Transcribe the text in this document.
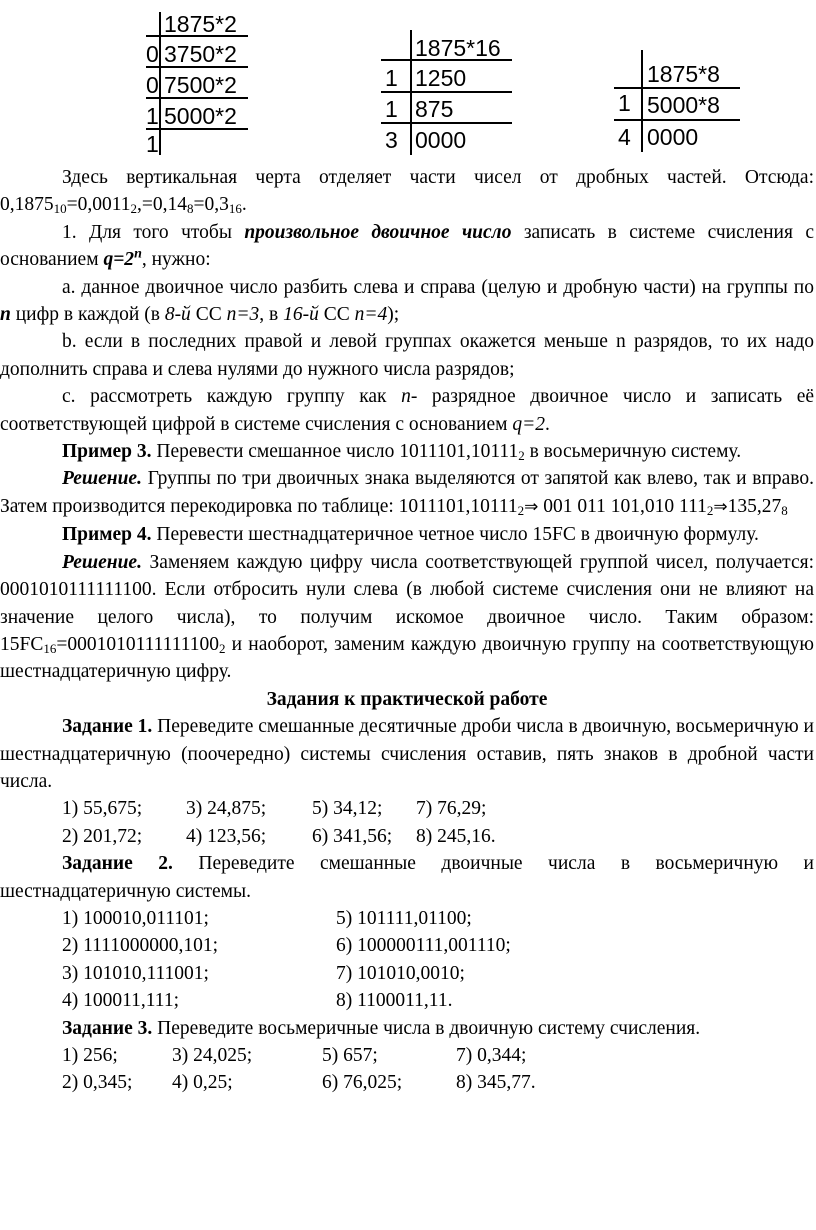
1875*2
0 3750*2
0 7500*2
1 5000*2
1
1875*16
1 1250
1 875
3 0000
1875*8
1 5000*8
4 0000

Здесь вертикальная черта отделяет части чисел от дробных частей. Отсюда: $0,1875_{10}=0,0011_2,=0,14_8=0,3_{16}$.

1. Для того чтобы произвольное двоичное число записать в системе счисления с основанием $q=2^n$, нужно:

a. данное двоичное число разбить слева и справа (целую и дробную части) на группы по n цифр в каждой (в 8-й СС n=3, в 16-й СС n=4);

b. если в последних правой и левой группах окажется меньше n разрядов, то их надо дополнить справа и слева нулями до нужного числа разрядов;

c. рассмотреть каждую группу как n- разрядное двоичное число и записать её соответствующей цифрой в системе счисления с основанием q=2.

Пример 3. Перевести смешанное число $1011101,10111_2$ в восьмеричную систему.

Решение. Группы по три двоичных знака выделяются от запятой как влево, так и вправо. Затем производится перекодировка по таблице: $1011101,10111_2\Rightarrow$ 001 011 101,010 $111_2\Rightarrow 135,27_8$

Пример 4. Перевести шестнадцатеричное четное число 15FC в двоичную формулу.

Решение. Заменяем каждую цифру числа соответствующей группой чисел, получается: 0001010111111100. Если отбросить нули слева (в любой системе счисления они не влияют на значение целого числа), то получим искомое двоичное число. Таким образом: $15FC_{16}=0001010111111100_2$ и наоборот, заменим каждую двоичную группу на соответствующую шестнадцатеричную цифру.

Задания к практической работе

Задание 1. Переведите смешанные десятичные дроби числа в двоичную, восьмеричную и шестнадцатеричную (поочередно) системы счисления оставив, пять знаков в дробной части числа.

1) 55,675;	3) 24,875;	5) 34,12;	7) 76,29;
2) 201,72;	4) 123,56;	6) 341,56;	8) 245,16.

Задание 2. Переведите смешанные двоичные числа в восьмеричную и шестнадцатеричную системы.

1) 100010,011101;	5) 101111,01100;
2) 1111000000,101;	6) 100000111,001110;
3) 101010,111001;	7) 101010,0010;
4) 100011,111;	8) 1100011,11.

Задание 3. Переведите восьмеричные числа в двоичную систему счисления.

1) 256;	3) 24,025;	5) 657;	7) 0,344;
2) 0,345;	4) 0,25;	6) 76,025;	8) 345,77.
